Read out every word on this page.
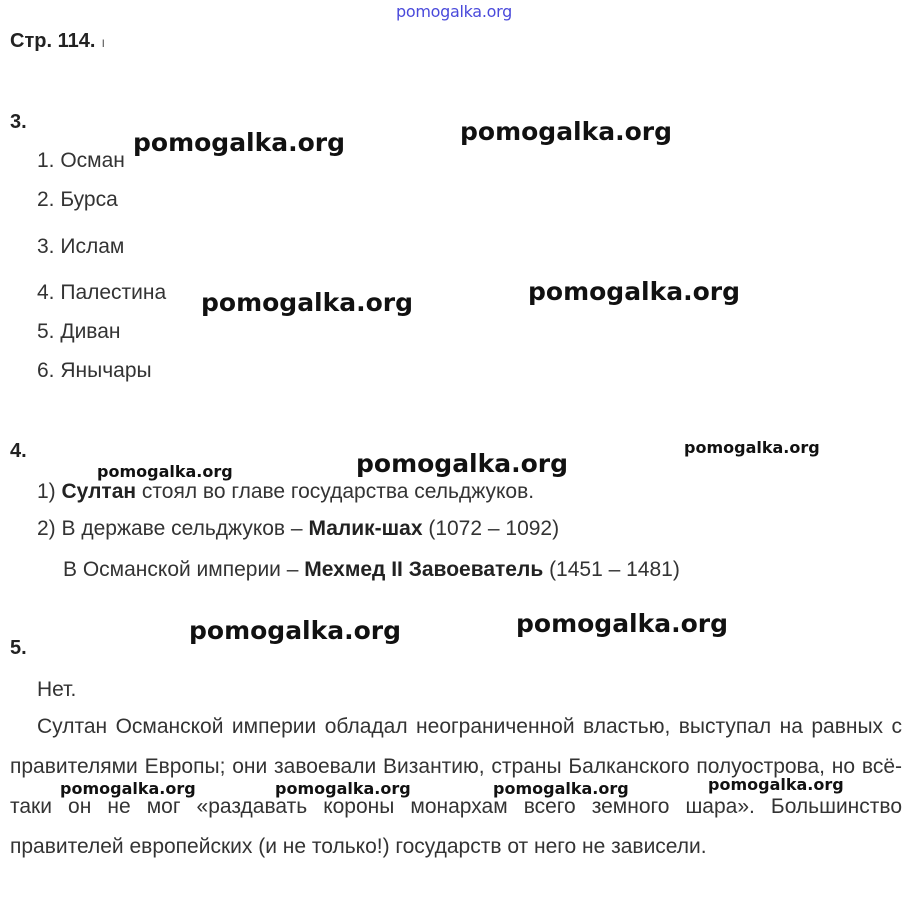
pomogalka.org
Стр. 114. ı
3.
1. Осман
2. Бурса
3. Ислам
4. Палестина
5. Диван
6. Янычары
4.
1) Султан стоял во главе государства сельджуков.
2) В державе сельджуков – Малик-шах (1072 – 1092)
В Османской империи – Мехмед II Завоеватель (1451 – 1481)
5.
Нет.
Султан Османской империи обладал неограниченной властью, выступал на равных с правителями Европы; они завоевали Византию, страны Балканского полуострова, но всё-таки он не мог «раздавать короны монархам всего земного шара». Большинство правителей европейских (и не только!) государств от него не зависели.
pomogalka.org	pomogalka.org
pomogalka.org	pomogalka.org
pomogalka.org
pomogalka.org	pomogalka.org
pomogalka.org	pomogalka.org
pomogalka.org
pomogalka.org	pomogalka.org	pomogalka.org
